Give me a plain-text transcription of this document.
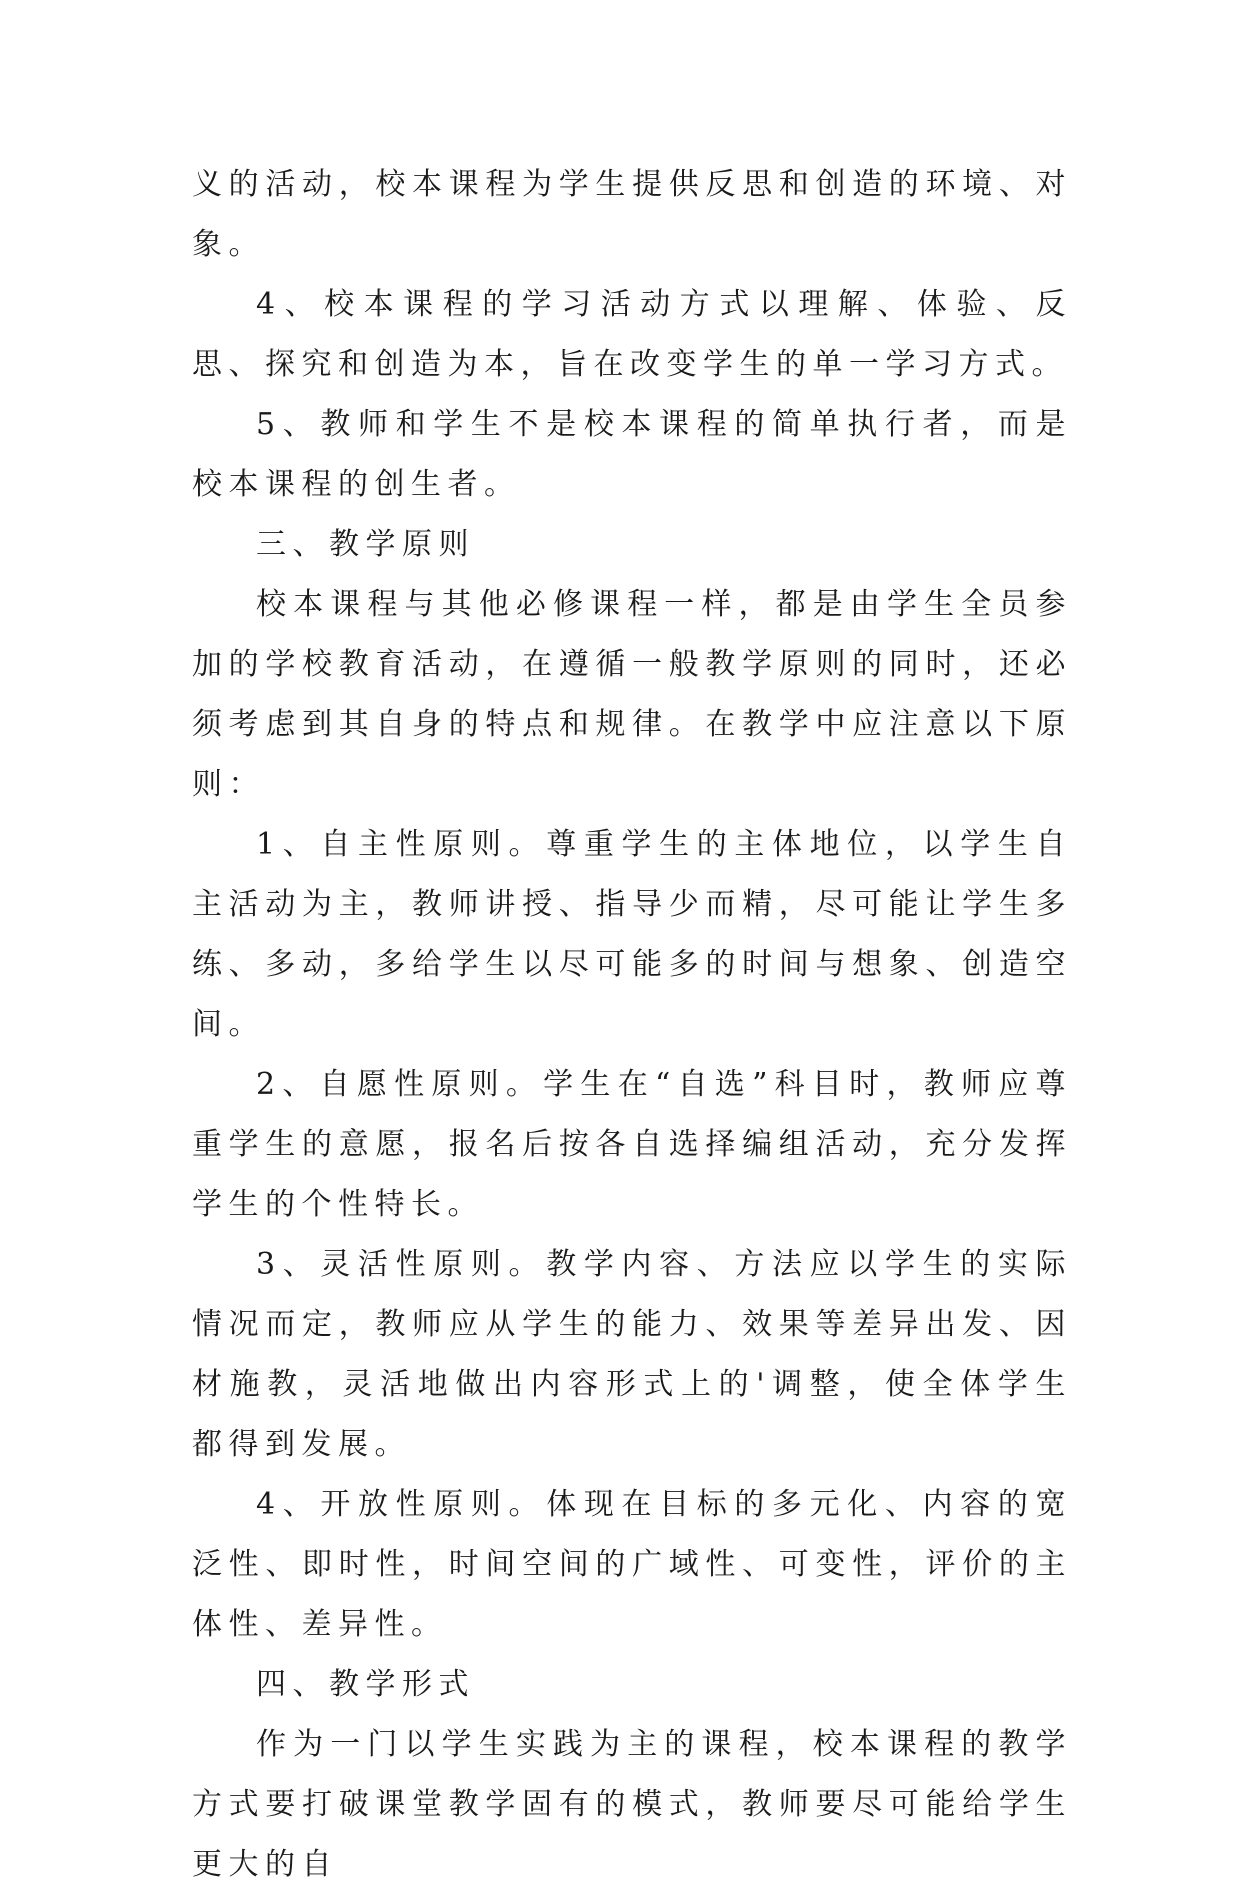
义的活动，校本课程为学生提供反思和创造的环境、对象。

4、校本课程的学习活动方式以理解、体验、反思、探究和创造为本，旨在改变学生的单一学习方式。

5、教师和学生不是校本课程的简单执行者，而是校本课程的创生者。

三、教学原则

校本课程与其他必修课程一样，都是由学生全员参加的学校教育活动，在遵循一般教学原则的同时，还必须考虑到其自身的特点和规律。在教学中应注意以下原则：

1、自主性原则。尊重学生的主体地位，以学生自主活动为主，教师讲授、指导少而精，尽可能让学生多练、多动，多给学生以尽可能多的时间与想象、创造空间。

2、自愿性原则。学生在“自选”科目时，教师应尊重学生的意愿，报名后按各自选择编组活动，充分发挥学生的个性特长。

3、灵活性原则。教学内容、方法应以学生的实际情况而定，教师应从学生的能力、效果等差异出发、因材施教，灵活地做出内容形式上的'调整，使全体学生都得到发展。

4、开放性原则。体现在目标的多元化、内容的宽泛性、即时性，时间空间的广域性、可变性，评价的主体性、差异性。

四、教学形式

作为一门以学生实践为主的课程，校本课程的教学方式要打破课堂教学固有的模式，教师要尽可能给学生更大的自
